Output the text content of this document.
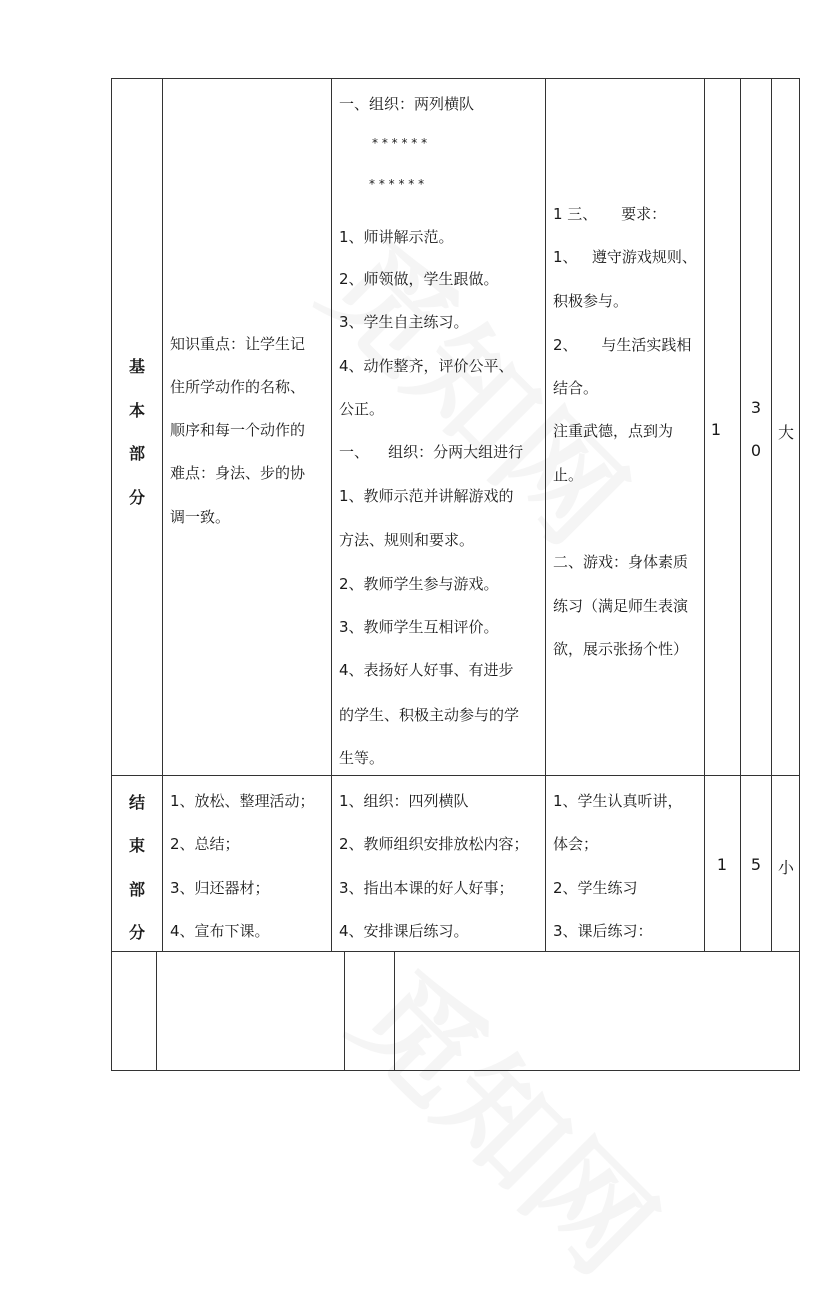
基
本
部
分
知识重点：让学生记
住所学动作的名称、
顺序和每一个动作的
难点：身法、步的协
调一致。
一、组织：两列横队
* * * * * *
* * * * * *
1、师讲解示范。
2、师领做，学生跟做。
3、学生自主练习。
4、动作整齐，评价公平、
公正。
一、    组织：分两大组进行
1、教师示范并讲解游戏的
方法、规则和要求。
2、教师学生参与游戏。
3、教师学生互相评价。
4、表扬好人好事、有进步
的学生、积极主动参与的学
生等。
1 三、     要求：
1、   遵守游戏规则、
积极参与。
2、     与生活实践相
结合。
注重武德，点到为
止。
二、游戏：身体素质
练习（满足师生表演
欲，展示张扬个性）
1
3
0
大
结
束
部
分
1、放松、整理活动；
2、总结；
3、归还器材；
4、宣布下课。
1、组织：四列横队
2、教师组织安排放松内容；
3、指出本课的好人好事；
4、安排课后练习。
1、学生认真听讲，
体会；
2、学生练习
3、课后练习：
1	5	小
